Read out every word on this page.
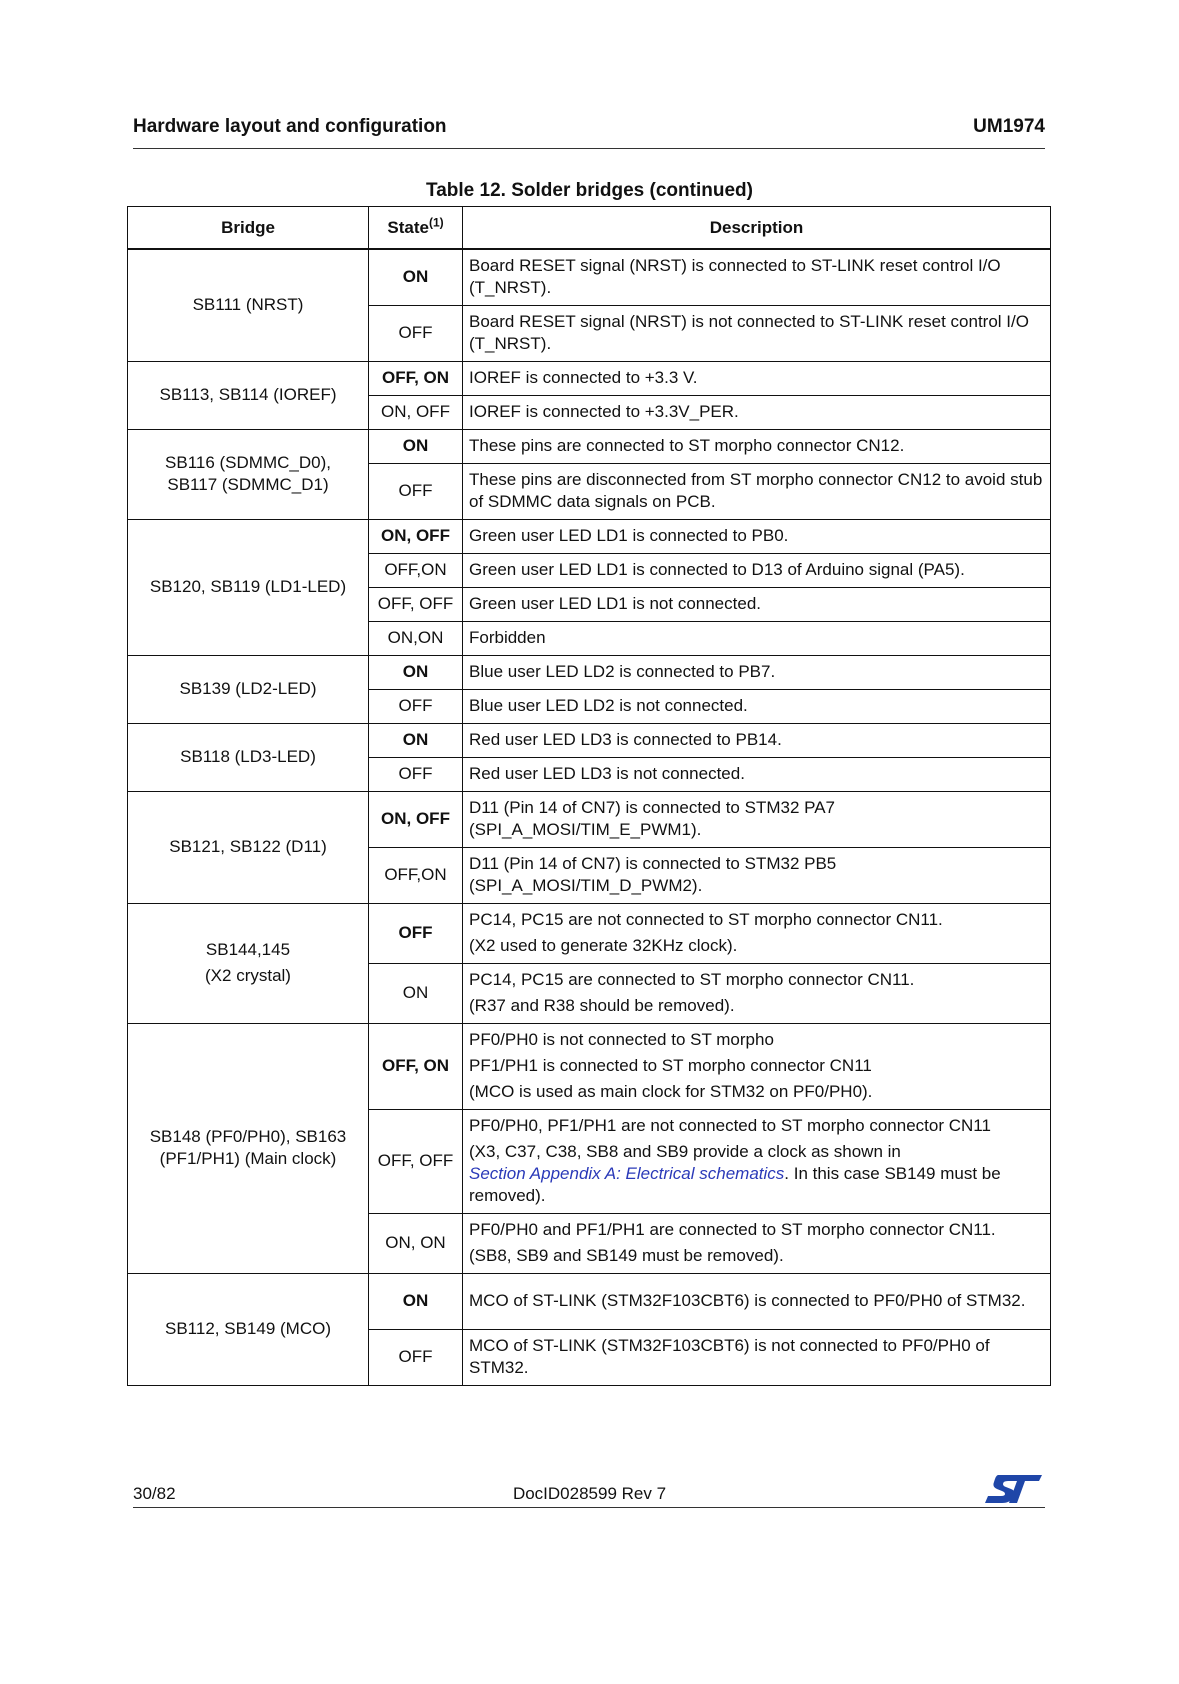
Hardware layout and configuration	UM1974
Table 12. Solder bridges (continued)
Bridge	State$^{(1)}$	Description
SB111 (NRST)	ON	Board RESET signal (NRST) is connected to ST-LINK reset control I/O (T_NRST).
	OFF	Board RESET signal (NRST) is not connected to ST-LINK reset control I/O (T_NRST).
SB113, SB114 (IOREF)	OFF, ON	IOREF is connected to +3.3 V.
	ON, OFF	IOREF is connected to +3.3V_PER.

SB116 (SDMMC_D0),
SB117 (SDMMC_D1)	ON	These pins are connected to ST morpho connector CN12.
	OFF	These pins are disconnected from ST morpho connector CN12 to avoid stub of SDMMC data signals on PCB.
SB120, SB119 (LD1-LED)	ON, OFF	Green user LED LD1 is connected to PB0.
	OFF,ON	Green user LED LD1 is connected to D13 of Arduino signal (PA5).
	OFF, OFF	Green user LED LD1 is not connected.
	ON,ON	Forbidden
SB139 (LD2-LED)	ON	Blue user LED LD2 is connected to PB7.
	OFF	Blue user LED LD2 is not connected.
SB118 (LD3-LED)	ON	Red user LED LD3 is connected to PB14.
	OFF	Red user LED LD3 is not connected.
SB121, SB122 (D11)	ON, OFF	D11 (Pin 14 of CN7) is connected to STM32 PA7
(SPI_A_MOSI/TIM_E_PWM1).

	OFF,ON	D11 (Pin 14 of CN7) is connected to STM32 PB5
(SPI_A_MOSI/TIM_D_PWM2).

SB144,145
(X2 crystal)	OFF	PC14, PC15 are not connected to ST morpho connector CN11.
(X2 used to generate 32KHz clock).

	ON	PC14, PC15 are connected to ST morpho connector CN11.
(R37 and R38 should be removed).

SB148 (PF0/PH0), SB163
(PF1/PH1) (Main clock)	OFF, ON	PF0/PH0 is not connected to ST morpho
PF1/PH1 is connected to ST morpho connector CN11
(MCO is used as main clock for STM32 on PF0/PH0).

	OFF, OFF	PF0/PH0, PF1/PH1 are not connected to ST morpho connector CN11
(X3, C37, C38, SB8 and SB9 provide a clock as shown in
Section Appendix A: Electrical schematics. In this case SB149 must be removed).

	ON, ON	PF0/PH0 and PF1/PH1 are connected to ST morpho connector CN11.
(SB8, SB9 and SB149 must be removed).

SB112, SB149 (MCO)	ON	MCO of ST-LINK (STM32F103CBT6) is connected to PF0/PH0 of STM32.
	OFF	MCO of ST-LINK (STM32F103CBT6) is not connected to PF0/PH0 of STM32.
30/82	DocID028599 Rev 7
